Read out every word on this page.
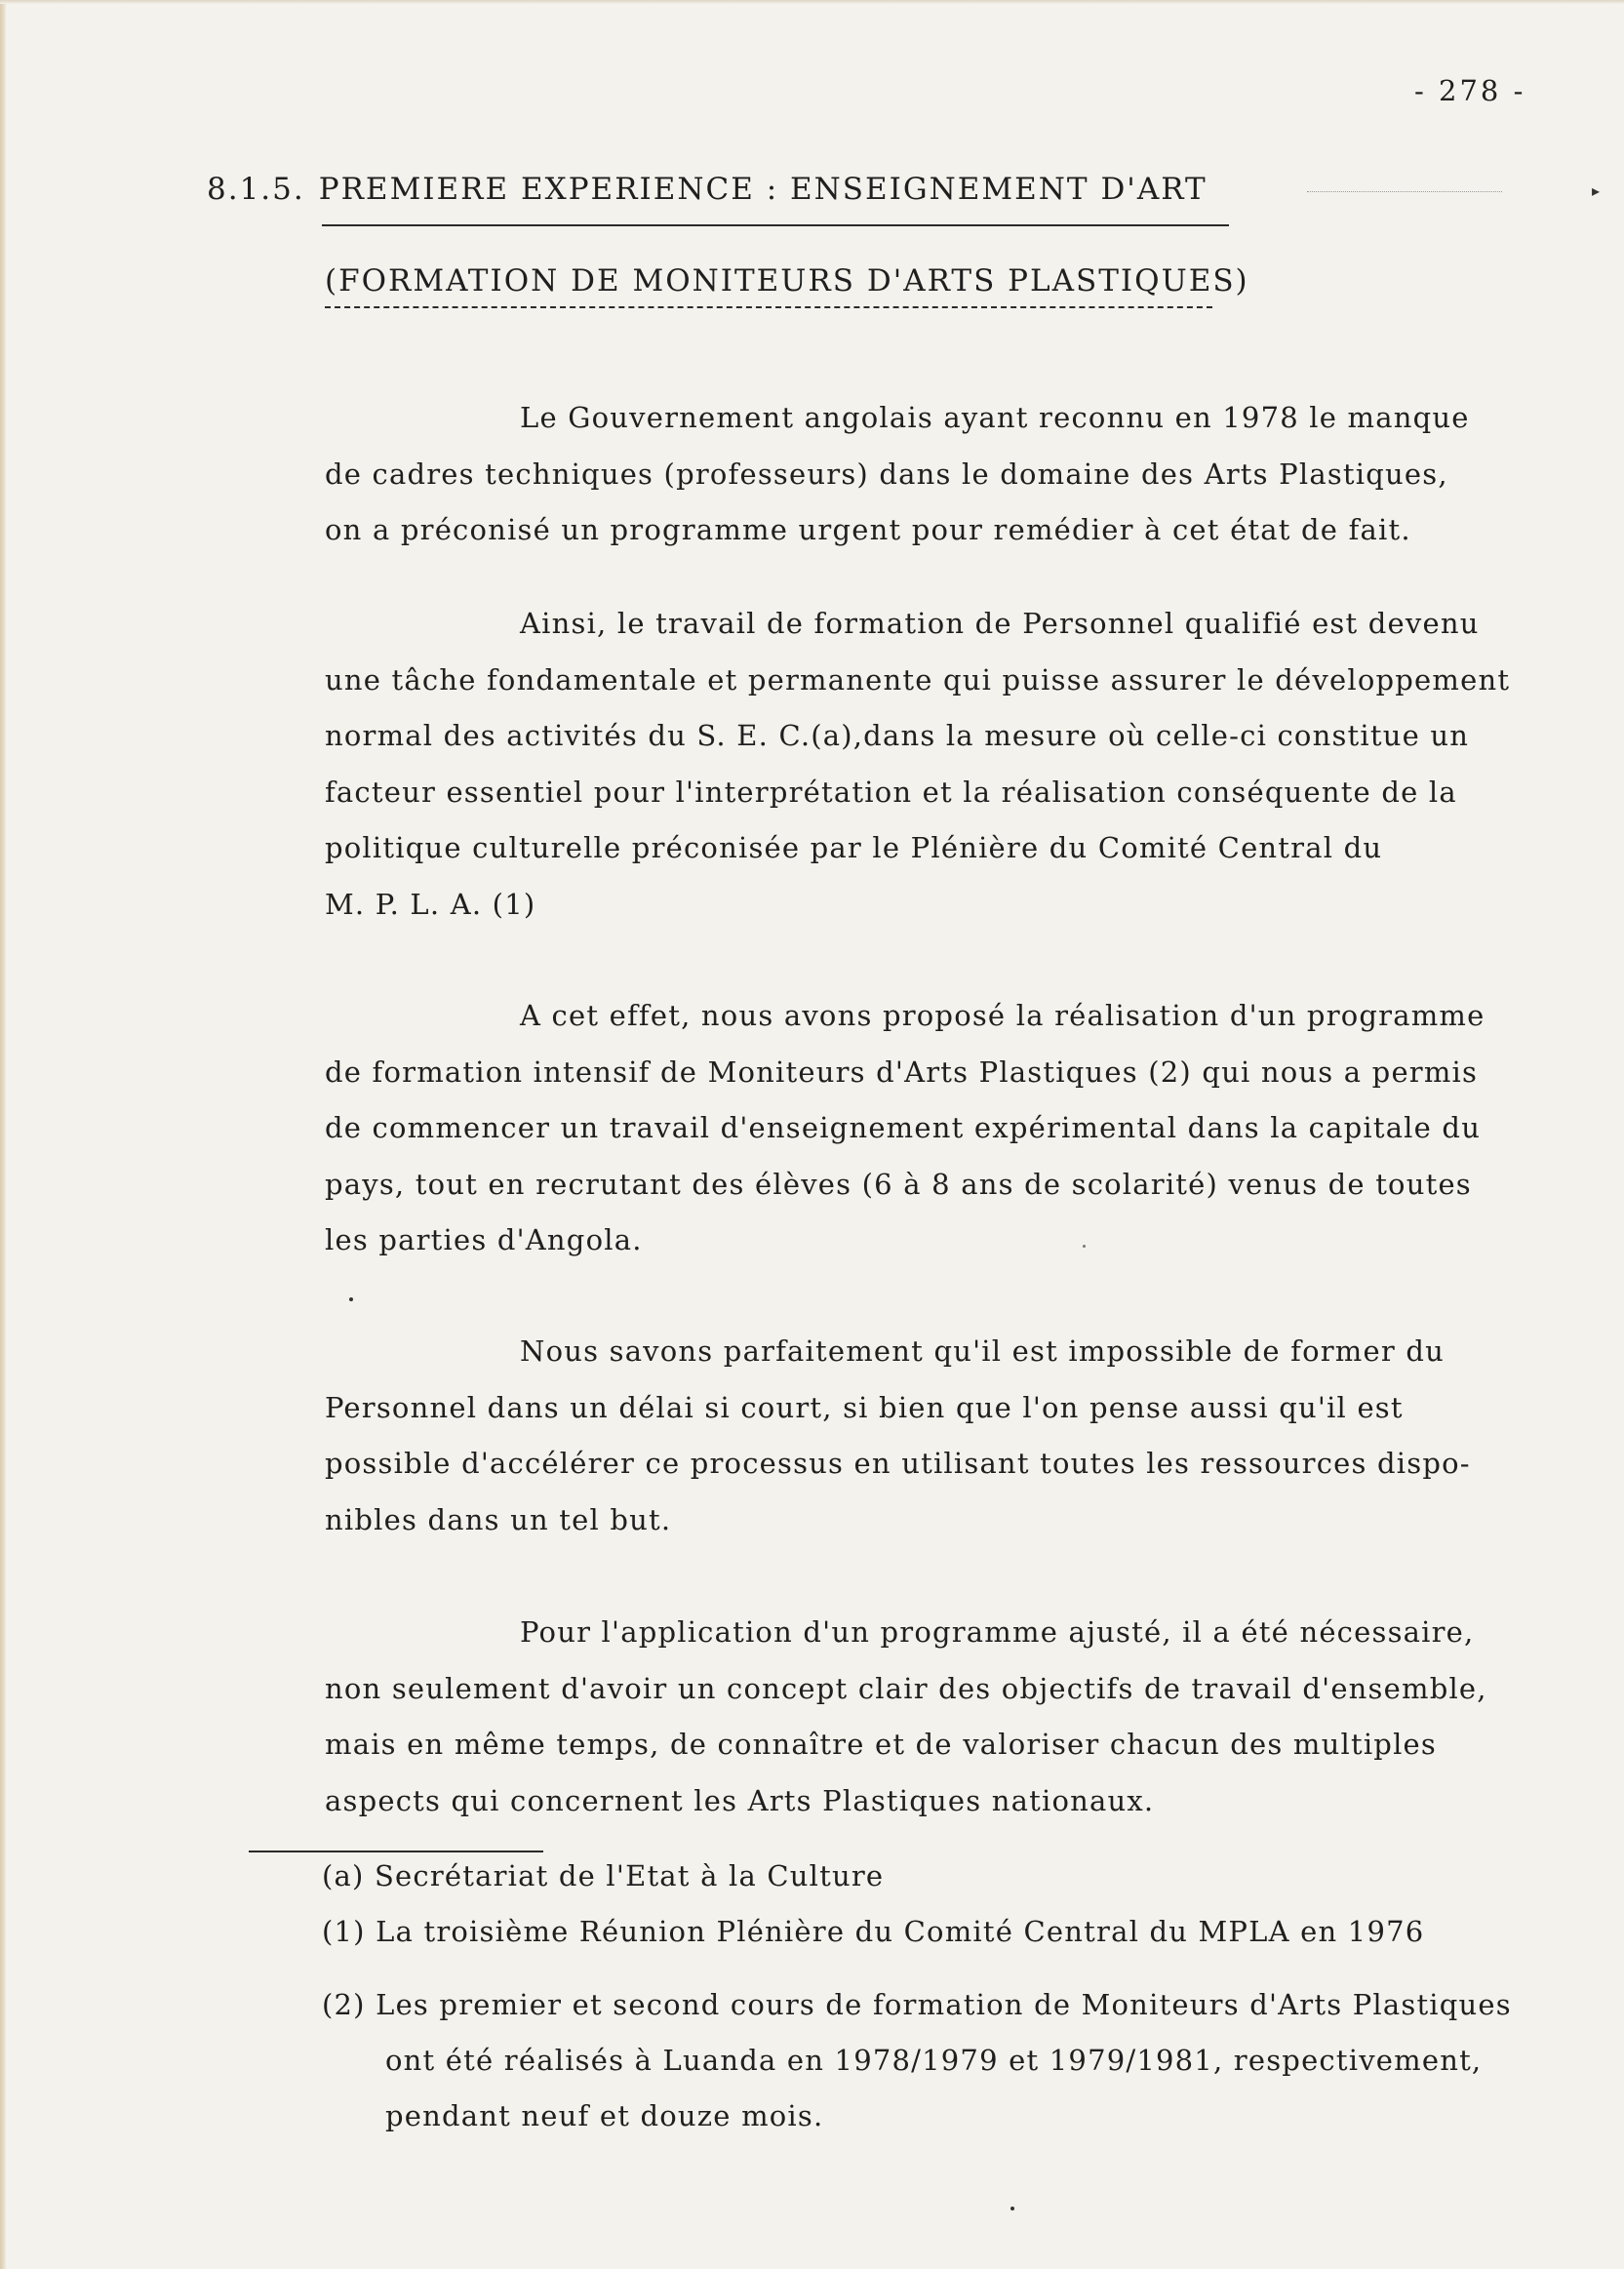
- 278 -
8.1.5. PREMIERE EXPERIENCE : ENSEIGNEMENT D'ART	▸
(FORMATION DE MONITEURS D'ARTS PLASTIQUES)
Le Gouvernement angolais ayant reconnu en 1978 le manque
de cadres techniques (professeurs) dans le domaine des Arts Plastiques,
on a préconisé un programme urgent pour remédier à cet état de fait.
Ainsi, le travail de formation de Personnel qualifié est devenu
une tâche fondamentale et permanente qui puisse assurer le développement
normal des activités du S. E. C.(a),dans la mesure où celle-ci constitue un
facteur essentiel pour l'interprétation et la réalisation conséquente de la
politique culturelle préconisée par le Plénière du Comité Central du
M. P. L. A. (1)
A cet effet, nous avons proposé la réalisation d'un programme
de formation intensif de Moniteurs d'Arts Plastiques (2) qui nous a permis
de commencer un travail d'enseignement expérimental dans la capitale du
pays, tout en recrutant des élèves (6 à 8 ans de scolarité) venus de toutes
les parties d'Angola.
Nous savons parfaitement qu'il est impossible de former du
Personnel dans un délai si court, si bien que l'on pense aussi qu'il est
possible d'accélérer ce processus en utilisant toutes les ressources dispo-
nibles dans un tel but.
Pour l'application d'un programme ajusté, il a été nécessaire,
non seulement d'avoir un concept clair des objectifs de travail d'ensemble,
mais en même temps, de connaître et de valoriser chacun des multiples
aspects qui concernent les Arts Plastiques nationaux.
(a) Secrétariat de l'Etat à la Culture
(1) La troisième Réunion Plénière du Comité Central du MPLA en 1976
(2) Les premier et second cours de formation de Moniteurs d'Arts Plastiques
ont été réalisés à Luanda en 1978/1979 et 1979/1981, respectivement,
pendant neuf et douze mois.
